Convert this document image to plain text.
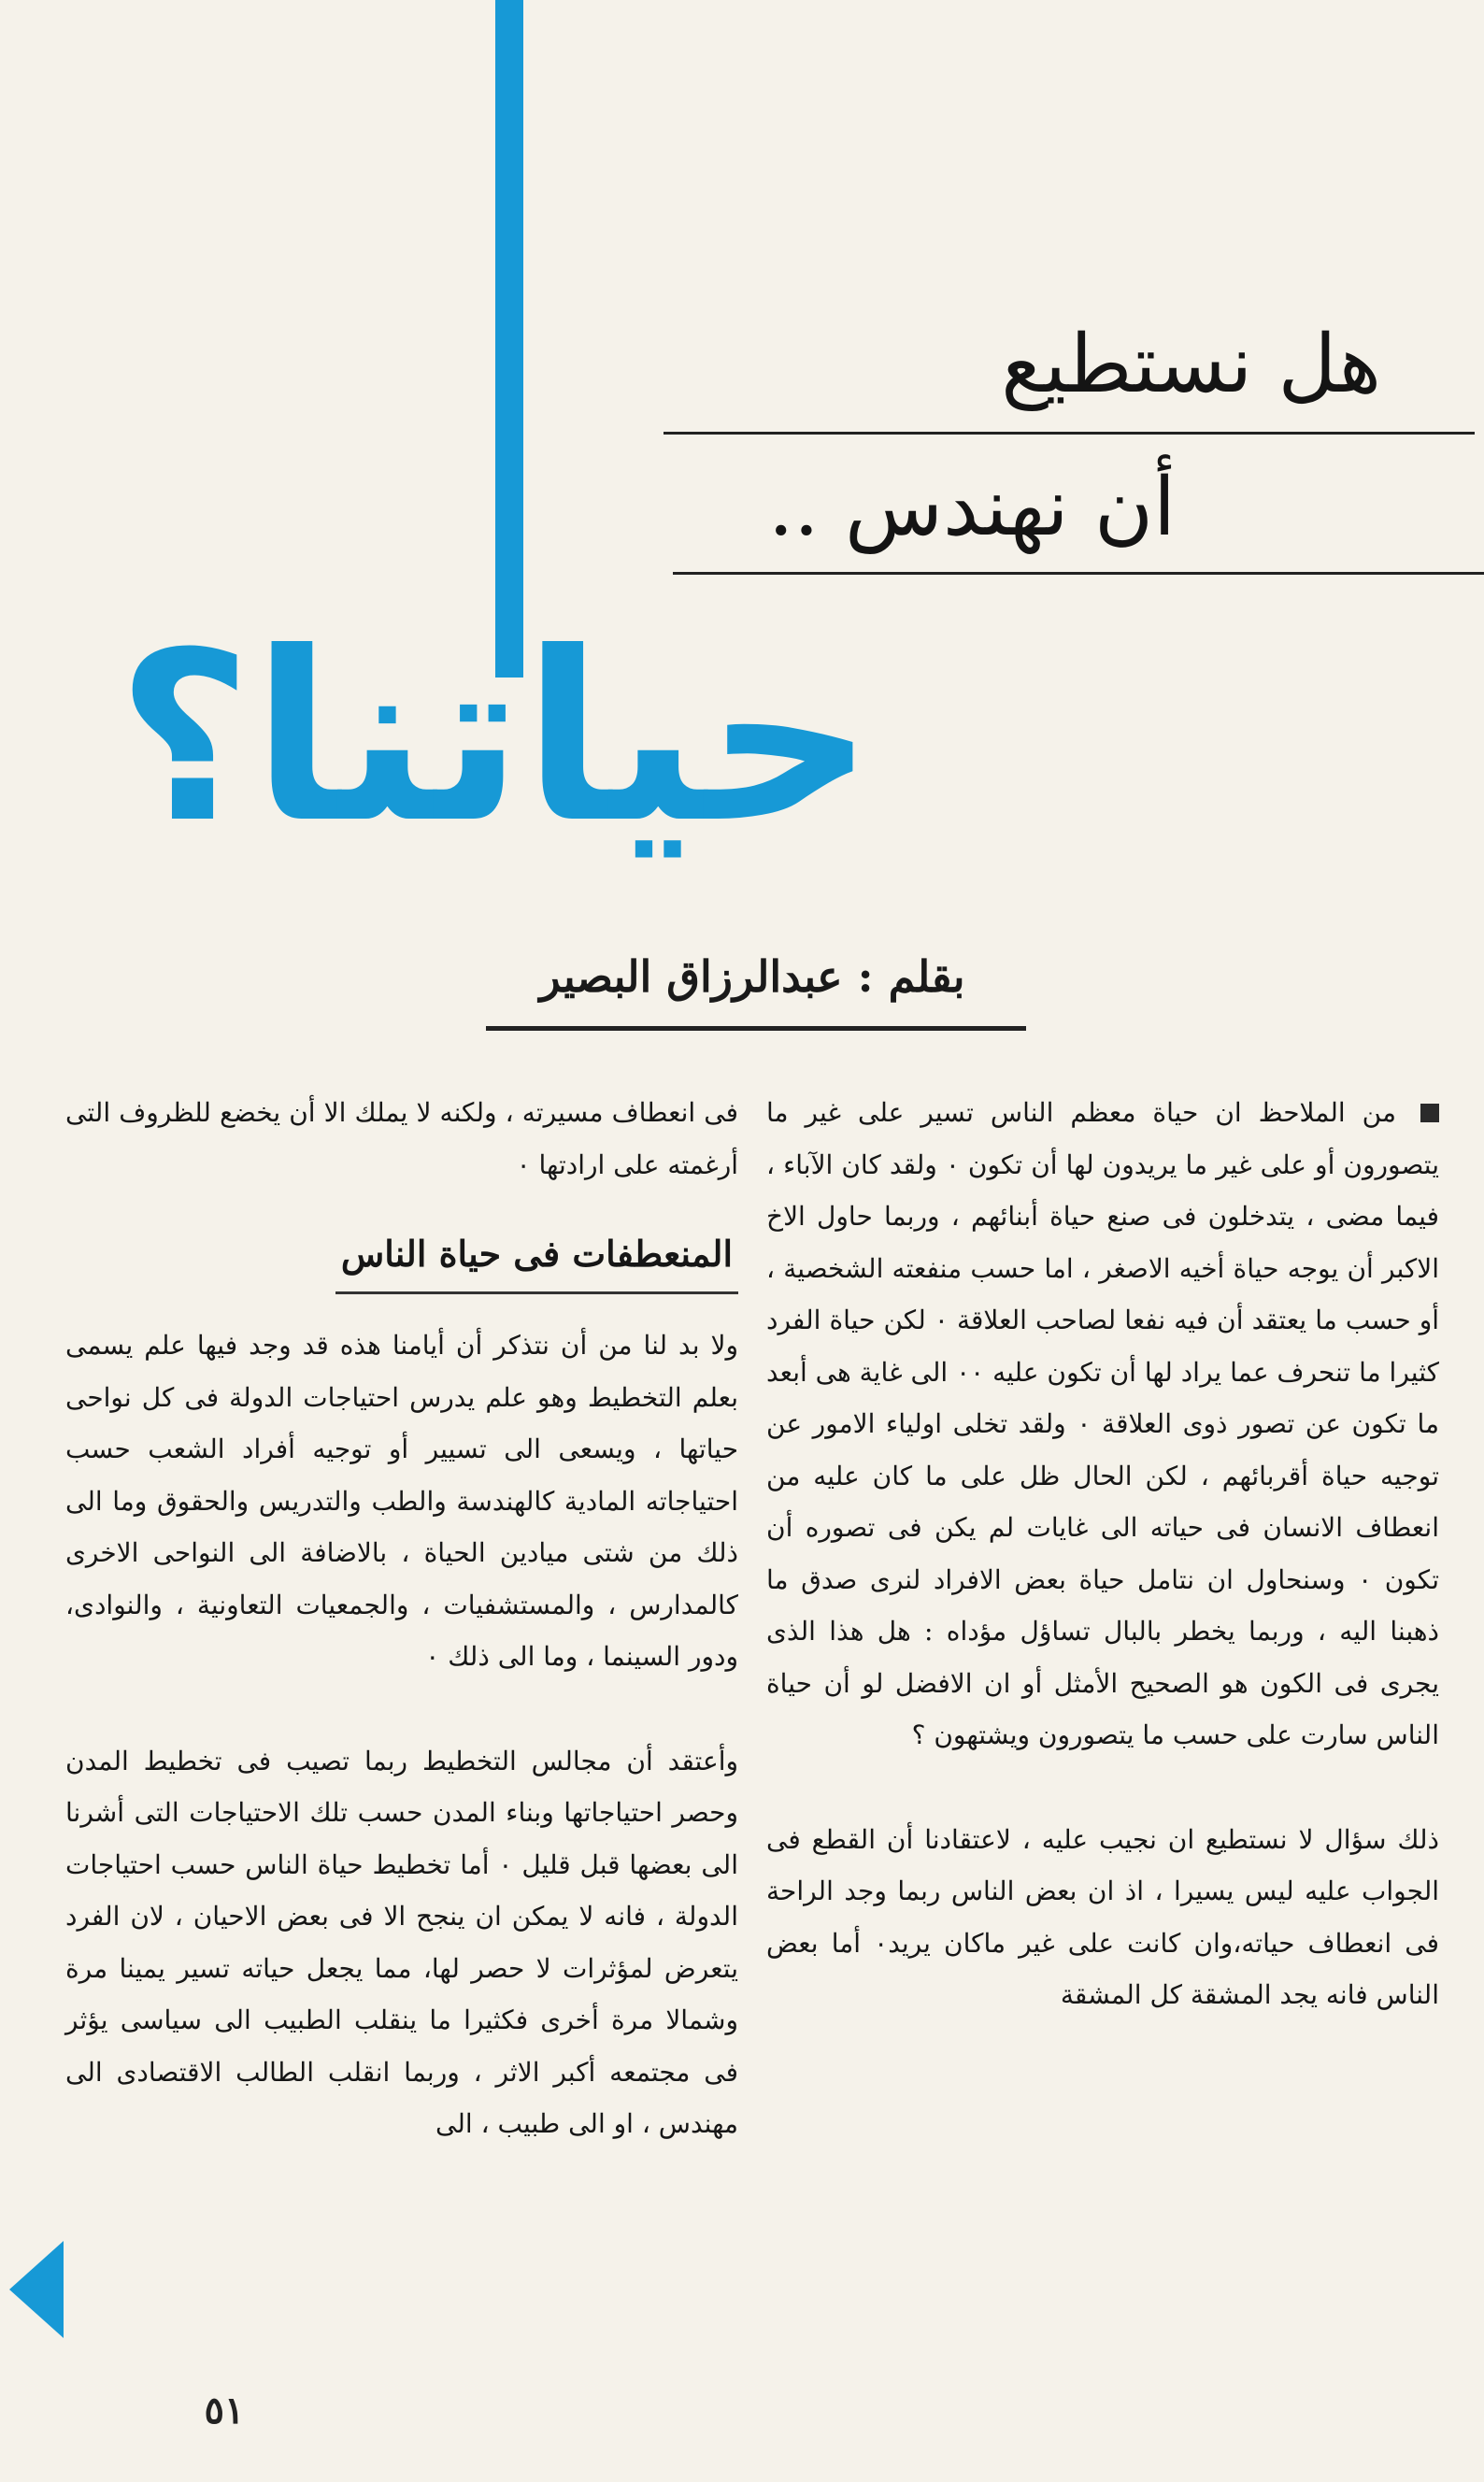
هل نستطيع
أن نهندس ..
حياتنا؟
بقلم : عبدالرزاق البصير

من الملاحظ ان حياة معظم الناس تسير على غير ما يتصورون أو على غير ما يريدون لها أن تكون ٠ ولقد كان الآباء ، فيما مضى ، يتدخلون فى صنع حياة أبنائهم ، وربما حاول الاخ الاكبر أن يوجه حياة أخيه الاصغر ، اما حسب منفعته الشخصية ، أو حسب ما يعتقد أن فيه نفعا لصاحب العلاقة ٠ لكن حياة الفرد كثيرا ما تنحرف عما يراد لها أن تكون عليه ٠٠ الى غاية هى أبعد ما تكون عن تصور ذوى العلاقة ٠ ولقد تخلى اولياء الامور عن توجيه حياة أقربائهم ، لكن الحال ظل على ما كان عليه من انعطاف الانسان فى حياته الى غايات لم يكن فى تصوره أن تكون ٠ وسنحاول ان نتامل حياة بعض الافراد لنرى صدق ما ذهبنا اليه ، وربما يخطر بالبال تساؤل مؤداه : هل هذا الذى يجرى فى الكون هو الصحيح الأمثل أو ان الافضل لو أن حياة الناس سارت على حسب ما يتصورون ويشتهون ؟

ذلك سؤال لا نستطيع ان نجيب عليه ، لاعتقادنا أن القطع فى الجواب عليه ليس يسيرا ، اذ ان بعض الناس ربما وجد الراحة فى انعطاف حياته،وان كانت على غير ماكان يريد٠ أما بعض الناس فانه يجد المشقة كل المشقة

فى انعطاف مسيرته ، ولكنه لا يملك الا أن يخضع للظروف التى أرغمته على ارادتها ٠

المنعطفات فى حياة الناس

ولا بد لنا من أن نتذكر أن أيامنا هذه قد وجد فيها علم يسمى بعلم التخطيط وهو علم يدرس احتياجات الدولة فى كل نواحى حياتها ، ويسعى الى تسيير أو توجيه أفراد الشعب حسب احتياجاته المادية كالهندسة والطب والتدريس والحقوق وما الى ذلك من شتى ميادين الحياة ، بالاضافة الى النواحى الاخرى كالمدارس ، والمستشفيات ، والجمعيات التعاونية ، والنوادى، ودور السينما ، وما الى ذلك ٠

وأعتقد أن مجالس التخطيط ربما تصيب فى تخطيط المدن وحصر احتياجاتها وبناء المدن حسب تلك الاحتياجات التى أشرنا الى بعضها قبل قليل ٠ أما تخطيط حياة الناس حسب احتياجات الدولة ، فانه لا يمكن ان ينجح الا فى بعض الاحيان ، لان الفرد يتعرض لمؤثرات لا حصر لها، مما يجعل حياته تسير يمينا مرة وشمالا مرة أخرى فكثيرا ما ينقلب الطبيب الى سياسى يؤثر فى مجتمعه أكبر الاثر ، وربما انقلب الطالب الاقتصادى الى مهندس ، او الى طبيب ، الى

٥١
